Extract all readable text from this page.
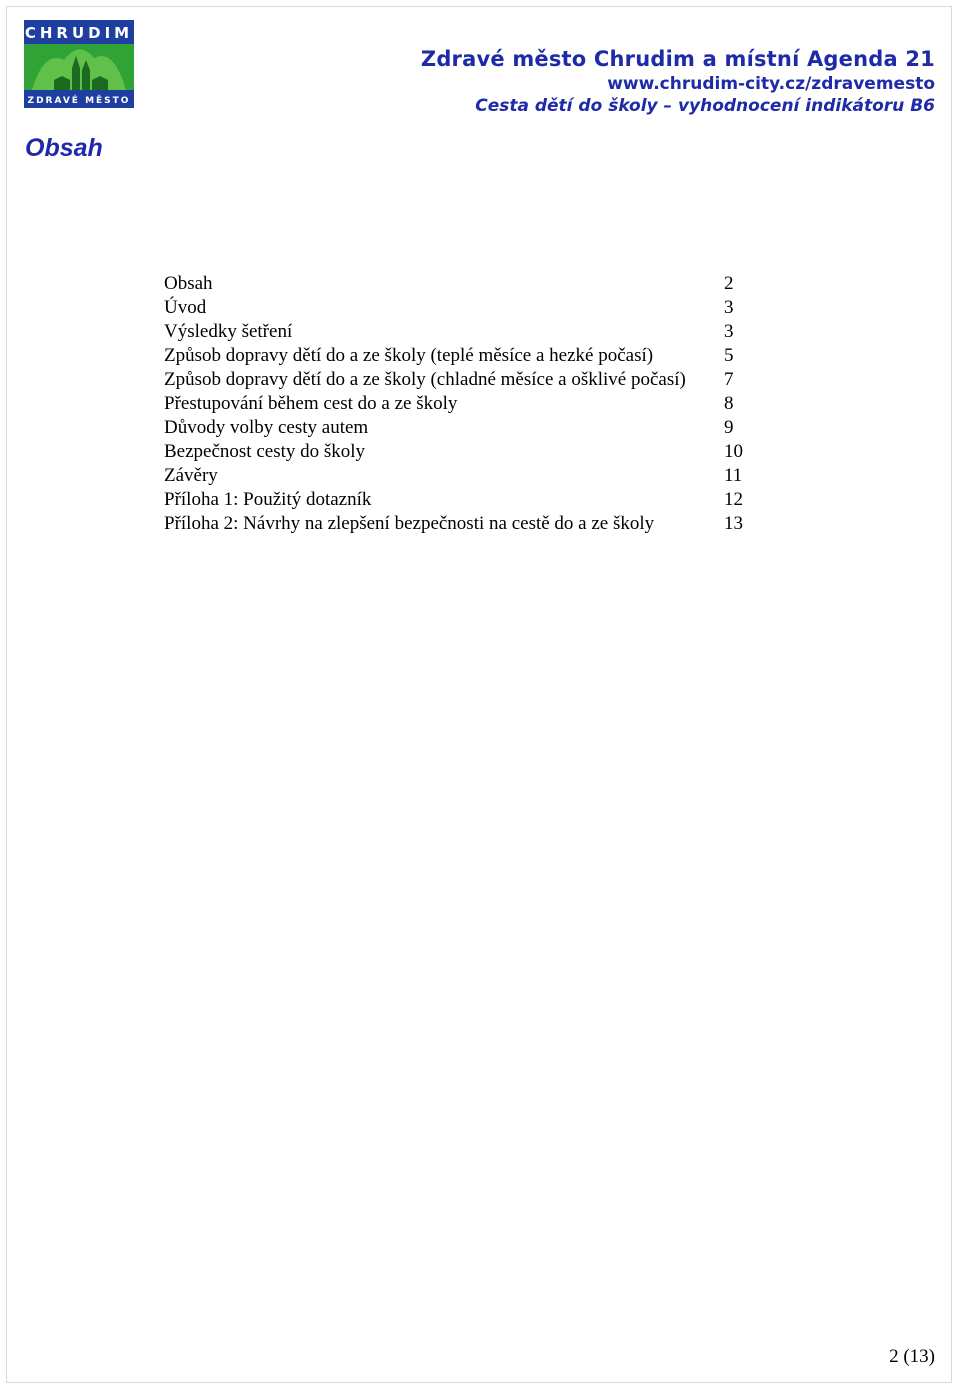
CHRUDIM
ZDRAVÉ MĚSTO
Zdravé město Chrudim a místní Agenda 21
www.chrudim-city.cz/zdravemesto
Cesta dětí do školy – vyhodnocení indikátoru B6
Obsah
Obsah	2
Úvod	3
Výsledky šetření	3
Způsob dopravy dětí do a ze školy (teplé měsíce a hezké počasí)	5
Způsob dopravy dětí do a ze školy (chladné měsíce a ošklivé počasí)	7
Přestupování během cest do a ze školy	8
Důvody volby cesty autem	9
Bezpečnost cesty do školy	10
Závěry	11
Příloha 1: Použitý dotazník	12
Příloha 2: Návrhy na zlepšení bezpečnosti na cestě do a ze školy	13
2 (13)
